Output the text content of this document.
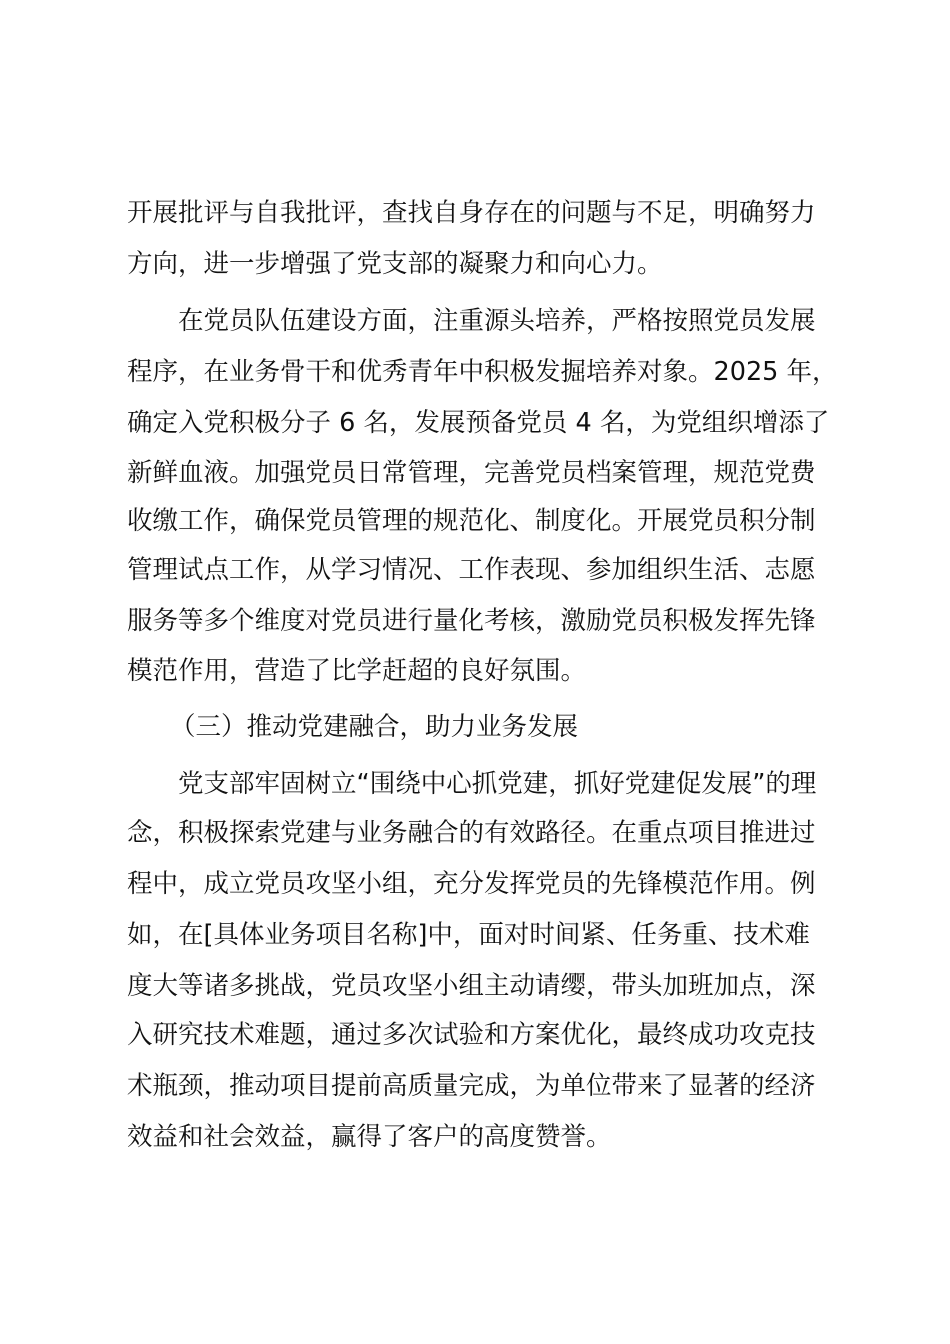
开展批评与自我批评，查找自身存在的问题与不足，明确努力
方向，进一步增强了党支部的凝聚力和向心力。
在党员队伍建设方面，注重源头培养，严格按照党员发展
程序，在业务骨干和优秀青年中积极发掘培养对象。2025 年，
确定入党积极分子 6 名，发展预备党员 4 名，为党组织增添了
新鲜血液。加强党员日常管理，完善党员档案管理，规范党费
收缴工作，确保党员管理的规范化、制度化。开展党员积分制
管理试点工作，从学习情况、工作表现、参加组织生活、志愿
服务等多个维度对党员进行量化考核，激励党员积极发挥先锋
模范作用，营造了比学赶超的良好氛围。
（三）推动党建融合，助力业务发展
党支部牢固树立“围绕中心抓党建，抓好党建促发展”的理
念，积极探索党建与业务融合的有效路径。在重点项目推进过
程中，成立党员攻坚小组，充分发挥党员的先锋模范作用。例
如，在[具体业务项目名称]中，面对时间紧、任务重、技术难
度大等诸多挑战，党员攻坚小组主动请缨，带头加班加点，深
入研究技术难题，通过多次试验和方案优化，最终成功攻克技
术瓶颈，推动项目提前高质量完成，为单位带来了显著的经济
效益和社会效益，赢得了客户的高度赞誉。
